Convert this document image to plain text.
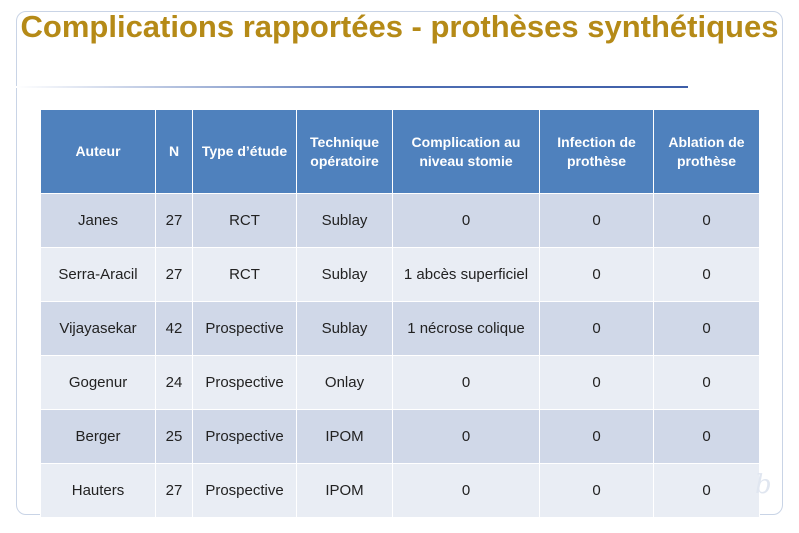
Complications rapportées - prothèses synthétiques
Auteur	N	Type d’étude	Technique opératoire	Complication au niveau stomie	Infection de prothèse	Ablation de prothèse
Janes	27	RCT	Sublay	0	0	0
Serra-Aracil	27	RCT	Sublay	1 abcès superficiel	0	0
Vijayasekar	42	Prospective	Sublay	1 nécrose colique	0	0
Gogenur	24	Prospective	Onlay	0	0	0
Berger	25	Prospective	IPOM	0	0	0
Hauters	27	Prospective	IPOM	0	0	0 b
